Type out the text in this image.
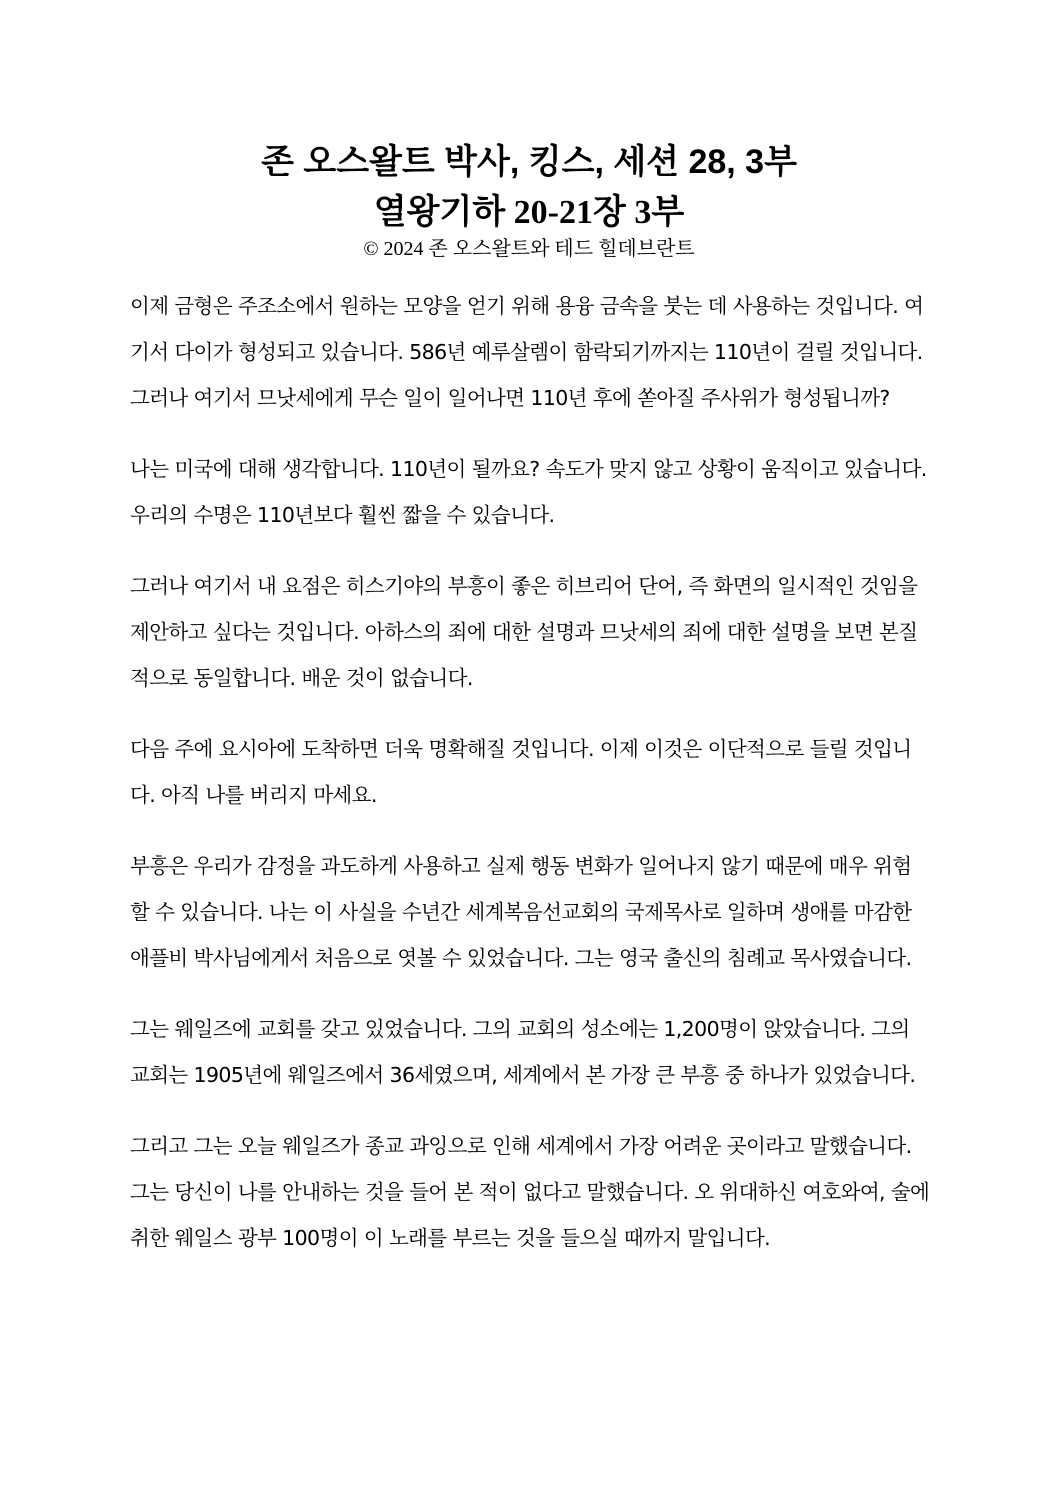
존 오스왈트 박사, 킹스, 세션 28, 3부
열왕기하 20-21장 3부

© 2024 존 오스왈트와 테드 힐데브란트

이제 금형은 주조소에서 원하는 모양을 얻기 위해 용융 금속을 붓는 데 사용하는 것입니다. 여기서 다이가 형성되고 있습니다. 586년 예루살렘이 함락되기까지는 110년이 걸릴 것입니다. 그러나 여기서 므낫세에게 무슨 일이 일어나면 110년 후에 쏟아질 주사위가 형성됩니까?

나는 미국에 대해 생각합니다. 110년이 될까요? 속도가 맞지 않고 상황이 움직이고 있습니다. 우리의 수명은 110년보다 훨씬 짧을 수 있습니다.

그러나 여기서 내 요점은 히스기야의 부흥이 좋은 히브리어 단어, 즉 화면의 일시적인 것임을 제안하고 싶다는 것입니다. 아하스의 죄에 대한 설명과 므낫세의 죄에 대한 설명을 보면 본질적으로 동일합니다. 배운 것이 없습니다.

다음 주에 요시아에 도착하면 더욱 명확해질 것입니다. 이제 이것은 이단적으로 들릴 것입니다. 아직 나를 버리지 마세요.

부흥은 우리가 감정을 과도하게 사용하고 실제 행동 변화가 일어나지 않기 때문에 매우 위험할 수 있습니다. 나는 이 사실을 수년간 세계복음선교회의 국제목사로 일하며 생애를 마감한 애플비 박사님에게서 처음으로 엿볼 수 있었습니다. 그는 영국 출신의 침례교 목사였습니다.

그는 웨일즈에 교회를 갖고 있었습니다. 그의 교회의 성소에는 1,200명이 앉았습니다. 그의 교회는 1905년에 웨일즈에서 36세였으며, 세계에서 본 가장 큰 부흥 중 하나가 있었습니다.

그리고 그는 오늘 웨일즈가 종교 과잉으로 인해 세계에서 가장 어려운 곳이라고 말했습니다. 그는 당신이 나를 안내하는 것을 들어 본 적이 없다고 말했습니다. 오 위대하신 여호와여, 술에 취한 웨일스 광부 100명이 이 노래를 부르는 것을 들으실 때까지 말입니다.
